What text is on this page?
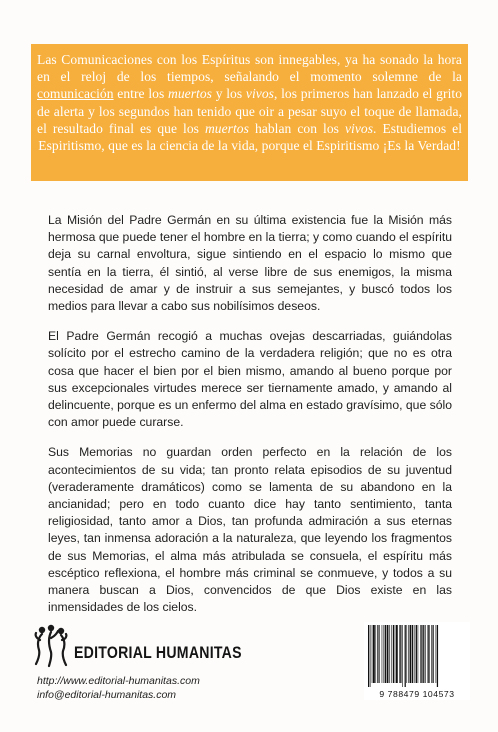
Las Comunicaciones con los Espíritus son innegables, ya ha sonado la hora en el reloj de los tiempos, señalando el momento solemne de la comunicación entre los muertos y los vivos, los primeros han lanzado el grito de alerta y los segundos han tenido que oir a pesar suyo el toque de llamada, el resultado final es que los muertos hablan con los vivos. Estudiemos el Espiritismo, que es la ciencia de la vida, porque el Espiritismo ¡Es la Verdad!

La Misión del Padre Germán en su última existencia fue la Misión más hermosa que puede tener el hombre en la tierra; y como cuando el espíritu deja su carnal envoltura, sigue sintiendo en el espacio lo mismo que sentía en la tierra, él sintió, al verse libre de sus enemigos, la misma necesidad de amar y de instruir a sus semejantes, y buscó todos los medios para llevar a cabo sus nobilísimos deseos.

El Padre Germán recogió a muchas ovejas descarriadas, guiándolas solícito por el estrecho camino de la verdadera religión; que no es otra cosa que hacer el bien por el bien mismo, amando al bueno porque por sus excepcionales virtudes merece ser tiernamente amado, y amando al delincuente, porque es un enfermo del alma en estado gravísimo, que sólo con amor puede curarse.

Sus Memorias no guardan orden perfecto en la relación de los acontecimientos de su vida; tan pronto relata episodios de su juventud (veraderamente dramáticos) como se lamenta de su abandono en la ancianidad; pero en todo cuanto dice hay tanto sentimiento, tanta religiosidad, tanto amor a Dios, tan profunda admiración a sus eternas leyes, tan inmensa adoración a la naturaleza, que leyendo los fragmentos de sus Memorias, el alma más atribulada se consuela, el espíritu más escéptico reflexiona, el hombre más criminal se conmueve, y todos a su manera buscan a Dios, convencidos de que Dios existe en las inmensidades de los cielos.

EDITORIAL HUMANITAS
http://www.editorial-humanitas.com
info@editorial-humanitas.com	9 788479 104573
